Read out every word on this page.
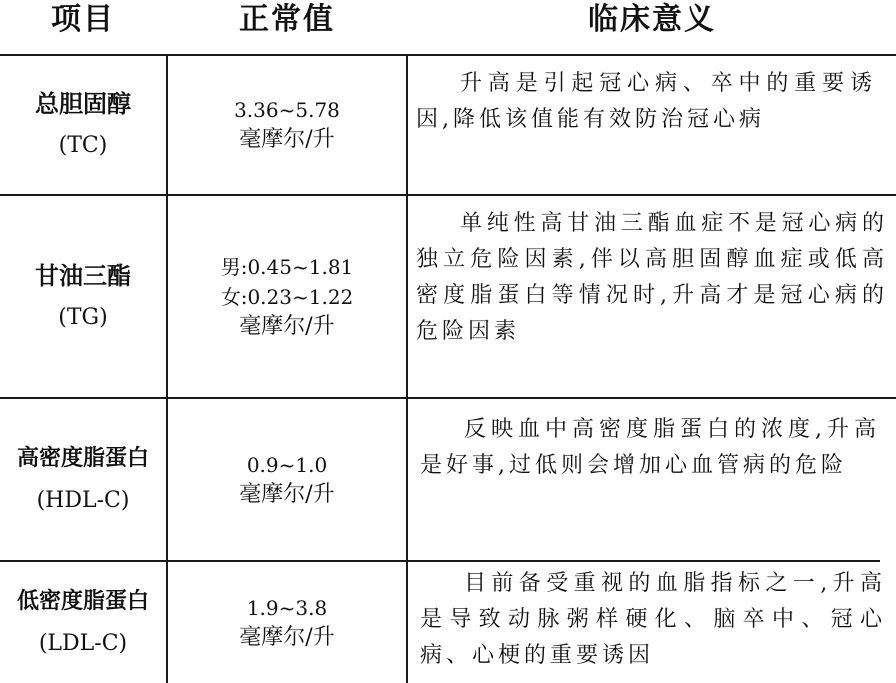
项目	正常值	临床意义
总胆固醇
(TC)
3.36~5.78
毫摩尔/升
升高是引起冠心病、卒中的重要诱因,降低该值能有效防治冠心病
甘油三酯
(TG)
男:0.45~1.81
女:0.23~1.22
毫摩尔/升
单纯性高甘油三酯血症不是冠心病的独立危险因素,伴以高胆固醇血症或低高密度脂蛋白等情况时,升高才是冠心病的危险因素
高密度脂蛋白
(HDL-C)
0.9~1.0
毫摩尔/升
反映血中高密度脂蛋白的浓度,升高是好事,过低则会增加心血管病的危险
低密度脂蛋白
(LDL-C)
1.9~3.8
毫摩尔/升
目前备受重视的血脂指标之一,升高是导致动脉粥样硬化、脑卒中、冠心病、心梗的重要诱因
